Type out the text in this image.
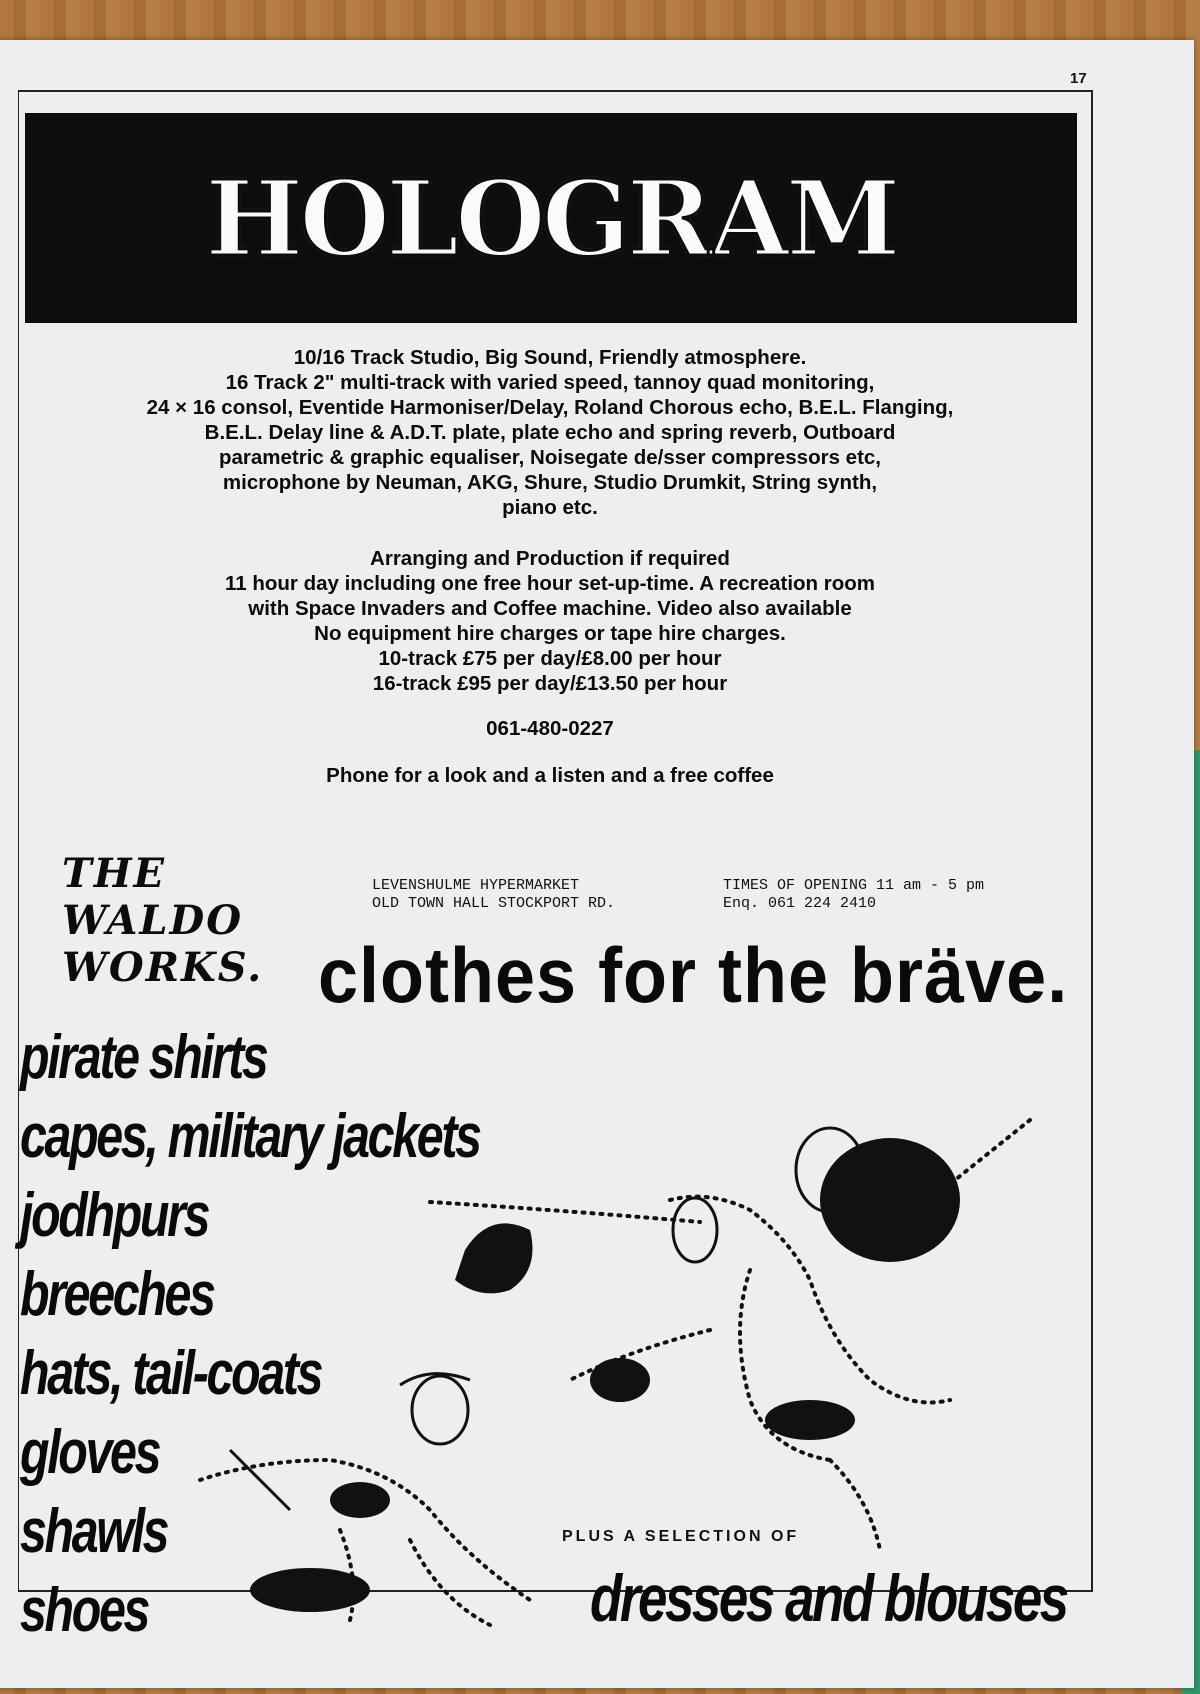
17
HOLOGRAM

10/16 Track Studio, Big Sound, Friendly atmosphere.

16 Track 2" multi-track with varied speed, tannoy quad monitoring,

24 × 16 consol, Eventide Harmoniser/Delay, Roland Chorous echo, B.E.L. Flanging,

B.E.L. Delay line & A.D.T. plate, plate echo and spring reverb, Outboard

parametric & graphic equaliser, Noisegate de/sser compressors etc,

microphone by Neuman, AKG, Shure, Studio Drumkit, String synth,

piano etc.

Arranging and Production if required

11 hour day including one free hour set-up-time. A recreation room

with Space Invaders and Coffee machine. Video also available

No equipment hire charges or tape hire charges.

10-track £75 per day/£8.00 per hour

16-track £95 per day/£13.50 per hour

061-480-0227

Phone for a look and a listen and a free coffee

THE
WALDO
WORKS.
LEVENSHULME HYPERMARKET
OLD TOWN HALL STOCKPORT RD.
TIMES OF OPENING 11 am - 5 pm
Enq. 061 224 2410
clothes for the bräve.
pirate shirts
capes, military jackets
jodhpurs
breeches
hats, tail-coats
gloves
shawls
shoes
PLUS A SELECTION OF
dresses and blouses
